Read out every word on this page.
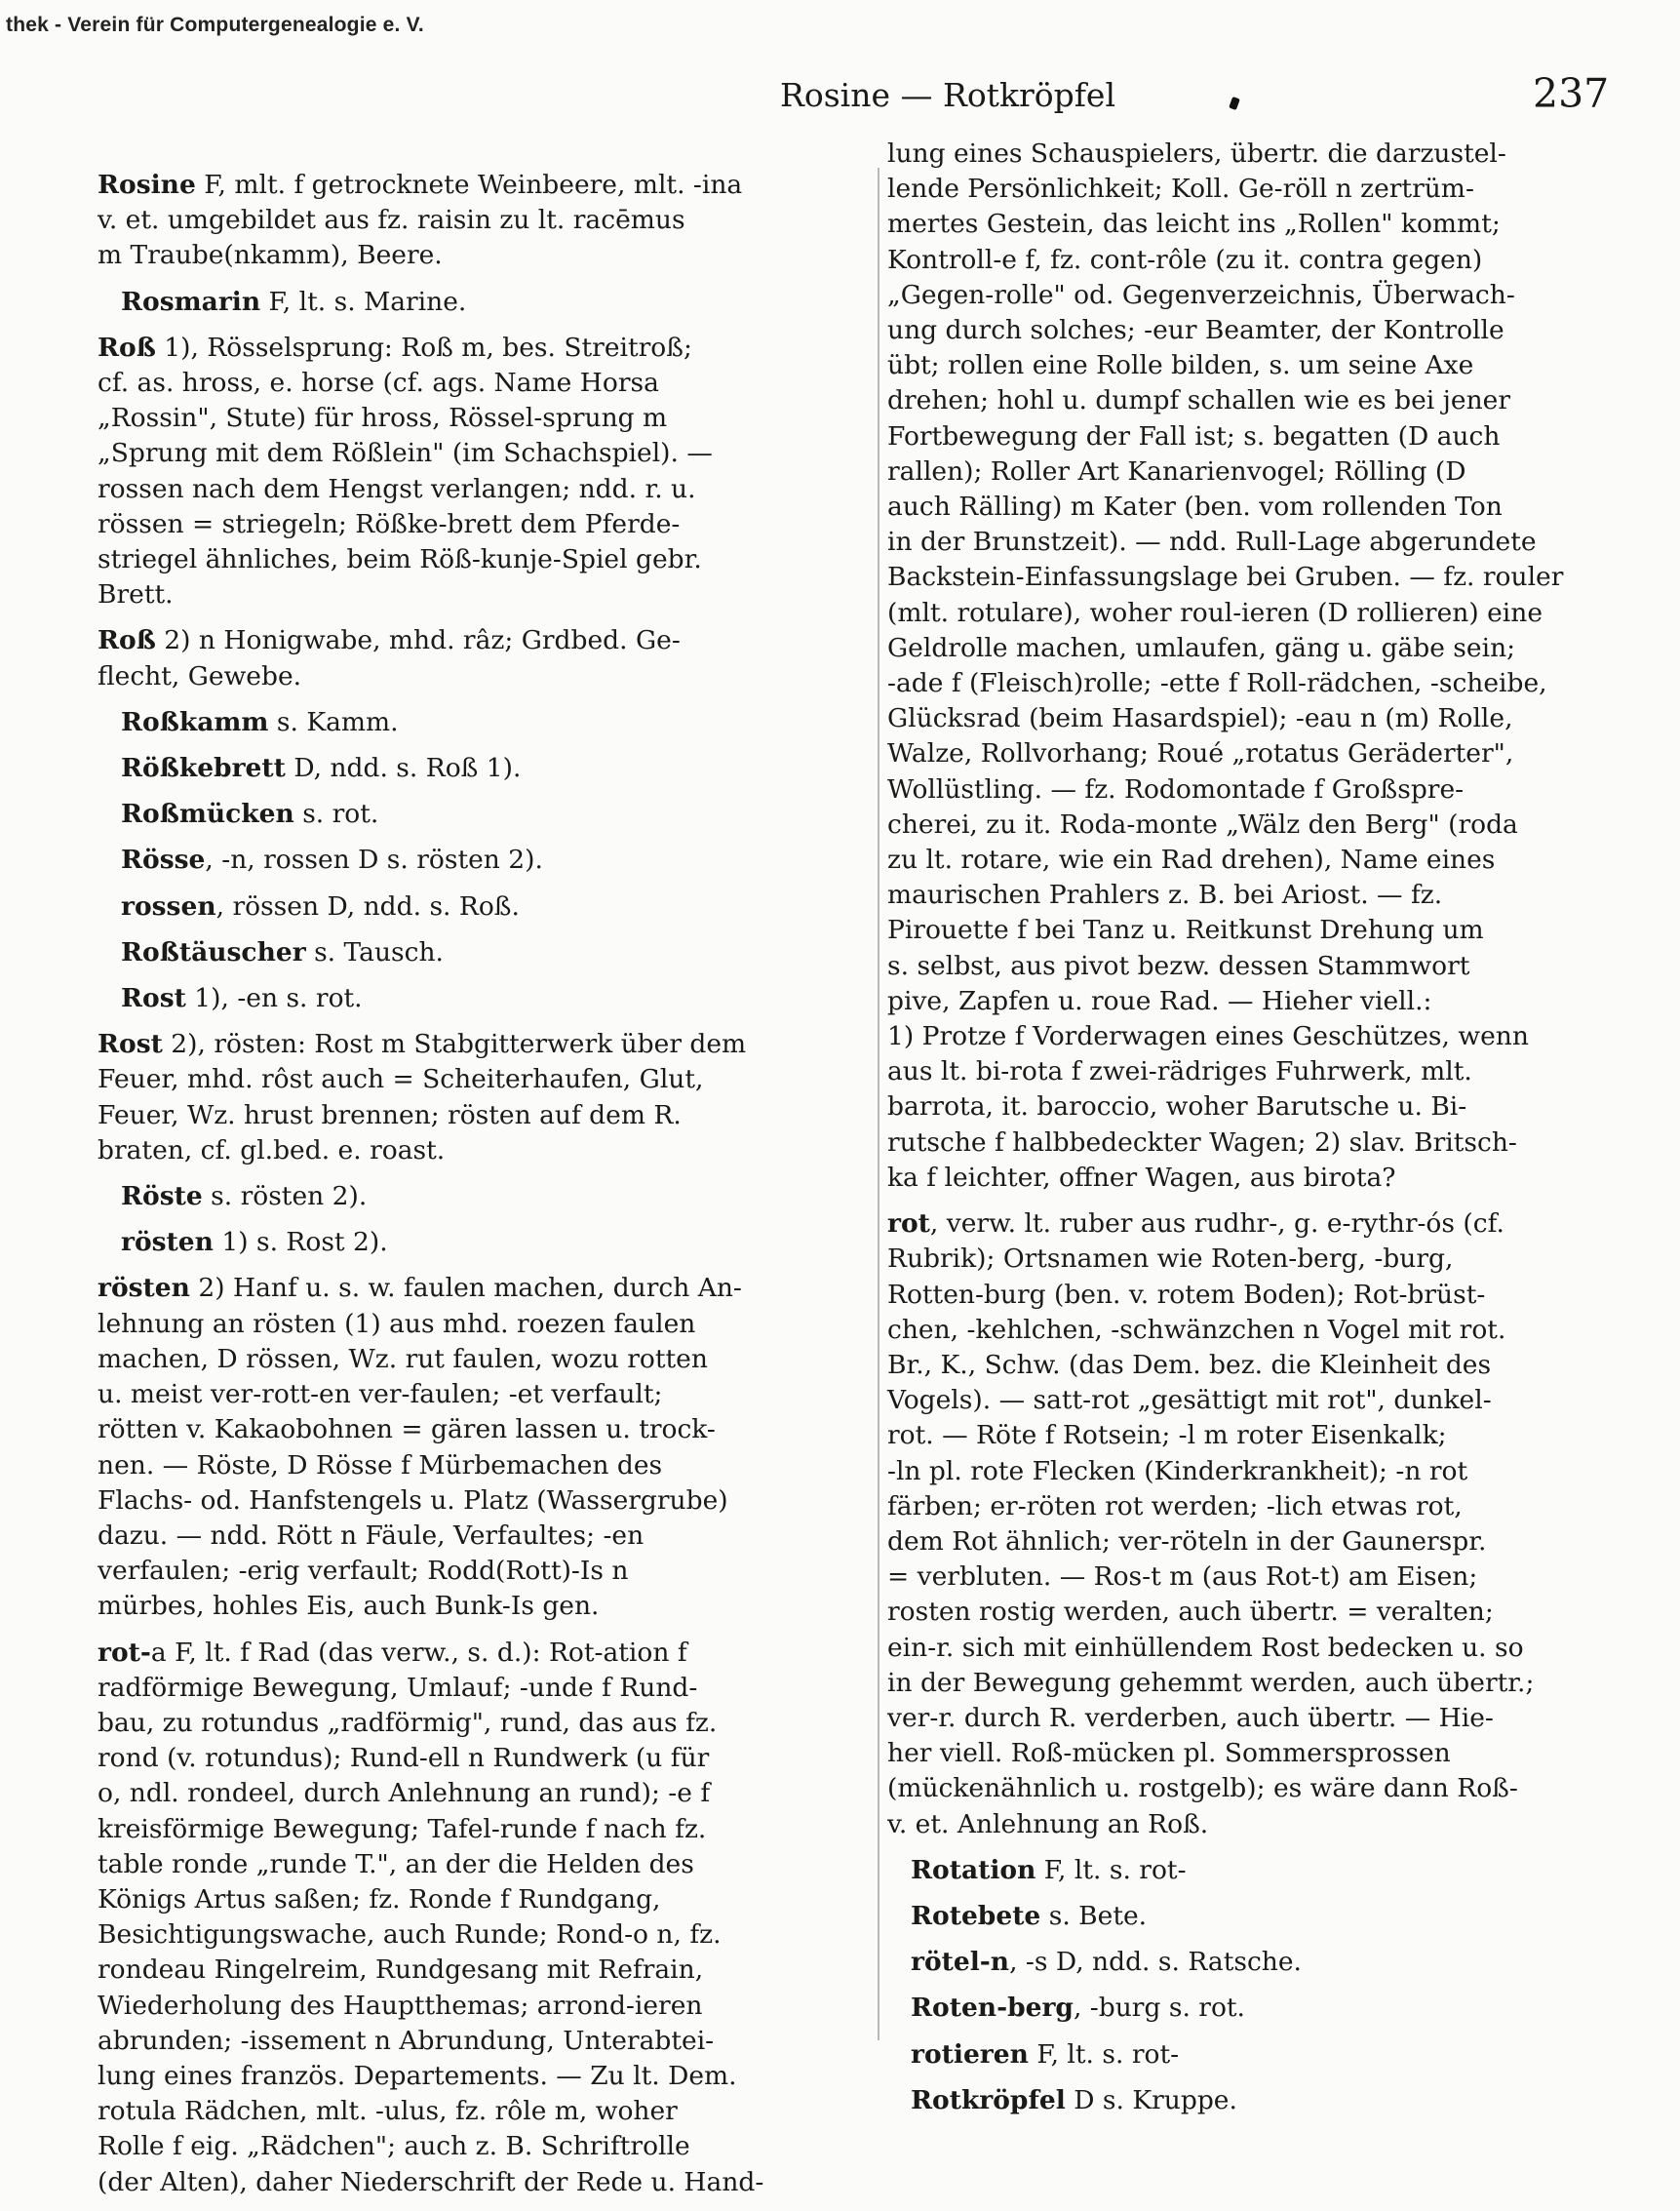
thek - Verein für Computergenealogie e. V.
Rosine — Rotkröpfel	237
Rosine F, mlt. f getrocknete Weinbeere, mlt. -ina
v. et. umgebildet aus fz. raisin zu lt. racēmus
m Traube(nkamm), Beere.
Rosmarin F, lt. s. Marine.
Roß 1), Rösselsprung: Roß m, bes. Streitroß;
cf. as. hross, e. horse (cf. ags. Name Horsa
„Rossin", Stute) für hross, Rössel-sprung m
„Sprung mit dem Rößlein" (im Schachspiel). —
rossen nach dem Hengst verlangen; ndd. r. u.
rössen = striegeln; Rößke-brett dem Pferde-
striegel ähnliches, beim Röß-kunje-Spiel gebr.
Brett.
Roß 2) n Honigwabe, mhd. râz; Grdbed. Ge-
flecht, Gewebe.
Roßkamm s. Kamm.
Rößkebrett D, ndd. s. Roß 1).
Roßmücken s. rot.
Rösse, -n, rossen D s. rösten 2).
rossen, rössen D, ndd. s. Roß.
Roßtäuscher s. Tausch.
Rost 1), -en s. rot.
Rost 2), rösten: Rost m Stabgitterwerk über dem
Feuer, mhd. rôst auch = Scheiterhaufen, Glut,
Feuer, Wz. hrust brennen; rösten auf dem R.
braten, cf. gl.bed. e. roast.
Röste s. rösten 2).
rösten 1) s. Rost 2).
rösten 2) Hanf u. s. w. faulen machen, durch An-
lehnung an rösten (1) aus mhd. roezen faulen
machen, D rössen, Wz. rut faulen, wozu rotten
u. meist ver-rott-en ver-faulen; -et verfault;
rötten v. Kakaobohnen = gären lassen u. trock-
nen. — Röste, D Rösse f Mürbemachen des
Flachs- od. Hanfstengels u. Platz (Wassergrube)
dazu. — ndd. Rött n Fäule, Verfaultes; -en
verfaulen; -erig verfault; Rodd(Rott)-Is n
mürbes, hohles Eis, auch Bunk-Is gen.
rot-a F, lt. f Rad (das verw., s. d.): Rot-ation f
radförmige Bewegung, Umlauf; -unde f Rund-
bau, zu rotundus „radförmig", rund, das aus fz.
rond (v. rotundus); Rund-ell n Rundwerk (u für
o, ndl. rondeel, durch Anlehnung an rund); -e f
kreisförmige Bewegung; Tafel-runde f nach fz.
table ronde „runde T.", an der die Helden des
Königs Artus saßen; fz. Ronde f Rundgang,
Besichtigungswache, auch Runde; Rond-o n, fz.
rondeau Ringelreim, Rundgesang mit Refrain,
Wiederholung des Hauptthemas; arrond-ieren
abrunden; -issement n Abrundung, Unterabtei-
lung eines französ. Departements. — Zu lt. Dem.
rotula Rädchen, mlt. -ulus, fz. rôle m, woher
Rolle f eig. „Rädchen"; auch z. B. Schriftrolle
(der Alten), daher Niederschrift der Rede u. Hand-
lung eines Schauspielers, übertr. die darzustel-
lende Persönlichkeit; Koll. Ge-röll n zertrüm-
mertes Gestein, das leicht ins „Rollen" kommt;
Kontroll-e f, fz. cont-rôle (zu it. contra gegen)
„Gegen-rolle" od. Gegenverzeichnis, Überwach-
ung durch solches; -eur Beamter, der Kontrolle
übt; rollen eine Rolle bilden, s. um seine Axe
drehen; hohl u. dumpf schallen wie es bei jener
Fortbewegung der Fall ist; s. begatten (D auch
rallen); Roller Art Kanarienvogel; Rölling (D
auch Rälling) m Kater (ben. vom rollenden Ton
in der Brunstzeit). — ndd. Rull-Lage abgerundete
Backstein-Einfassungslage bei Gruben. — fz. rouler
(mlt. rotulare), woher roul-ieren (D rollieren) eine
Geldrolle machen, umlaufen, gäng u. gäbe sein;
-ade f (Fleisch)rolle; -ette f Roll-rädchen, -scheibe,
Glücksrad (beim Hasardspiel); -eau n (m) Rolle,
Walze, Rollvorhang; Roué „rotatus Geräderter",
Wollüstling. — fz. Rodomontade f Großspre-
cherei, zu it. Roda-monte „Wälz den Berg" (roda
zu lt. rotare, wie ein Rad drehen), Name eines
maurischen Prahlers z. B. bei Ariost. — fz.
Pirouette f bei Tanz u. Reitkunst Drehung um
s. selbst, aus pivot bezw. dessen Stammwort
pive, Zapfen u. roue Rad. — Hieher viell.:
1) Protze f Vorderwagen eines Geschützes, wenn
aus lt. bi-rota f zwei-rädriges Fuhrwerk, mlt.
barrota, it. baroccio, woher Barutsche u. Bi-
rutsche f halbbedeckter Wagen; 2) slav. Britsch-
ka f leichter, offner Wagen, aus birota?
rot, verw. lt. ruber aus rudhr-, g. e-rythr-ós (cf.
Rubrik); Ortsnamen wie Roten-berg, -burg,
Rotten-burg (ben. v. rotem Boden); Rot-brüst-
chen, -kehlchen, -schwänzchen n Vogel mit rot.
Br., K., Schw. (das Dem. bez. die Kleinheit des
Vogels). — satt-rot „gesättigt mit rot", dunkel-
rot. — Röte f Rotsein; -l m roter Eisenkalk;
-ln pl. rote Flecken (Kinderkrankheit); -n rot
färben; er-röten rot werden; -lich etwas rot,
dem Rot ähnlich; ver-röteln in der Gaunerspr.
= verbluten. — Ros-t m (aus Rot-t) am Eisen;
rosten rostig werden, auch übertr. = veralten;
ein-r. sich mit einhüllendem Rost bedecken u. so
in der Bewegung gehemmt werden, auch übertr.;
ver-r. durch R. verderben, auch übertr. — Hie-
her viell. Roß-mücken pl. Sommersprossen
(mückenähnlich u. rostgelb); es wäre dann Roß-
v. et. Anlehnung an Roß.
Rotation F, lt. s. rot-
Rotebete s. Bete.
rötel-n, -s D, ndd. s. Ratsche.
Roten-berg, -burg s. rot.
rotieren F, lt. s. rot-
Rotkröpfel D s. Kruppe.
